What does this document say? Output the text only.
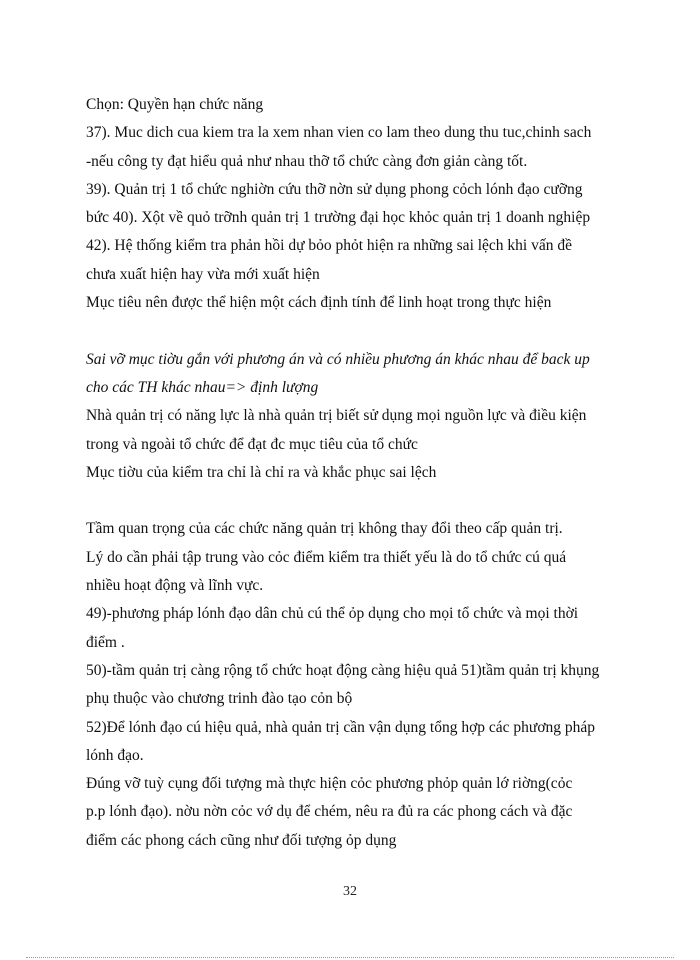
Chọn: Quyền hạn chức năng
37). Muc dich cua kiem tra la xem nhan vien co lam theo dung thu tuc,chinh sach
-nếu công ty đạt hiểu quả như nhau thỡ tổ chức càng đơn giản càng tốt.
39). Quản trị 1 tổ chức nghiờn cứu thỡ nờn sử dụng phong cỏch lónh đạo cưỡng
bức 40). Xột về quỏ trỡnh quản trị 1 trường đại học khỏc quản trị 1 doanh nghiệp
42). Hệ thống kiểm tra phản hồi dự bỏo phỏt hiện ra những sai lệch khi vấn đề
chưa xuất hiện hay vừa mới xuất hiện
Mục tiêu nên được thể hiện một cách định tính để linh hoạt trong thực hiện
Sai vỡ mục tiờu gắn với phương án và có nhiều phương án khác nhau để back up
cho các TH khác nhau=> định lượng
Nhà quản trị có năng lực là nhà quản trị biết sử dụng mọi nguồn lực và điều kiện
trong và ngoài tổ chức để đạt đc mục tiêu của tổ chức
Mục tiờu của kiểm tra chỉ là chỉ ra và khắc phục sai lệch
Tầm quan trọng của các chức năng quản trị không thay đổi theo cấp quản trị.
Lý do cần phải tập trung vào cỏc điểm kiểm tra thiết yếu là do tổ chức cú quá
nhiều hoạt động và lĩnh vực.
49)-phương pháp lónh đạo dân chủ cú thể ỏp dụng cho mọi tổ chức và mọi thời
điểm .
50)-tầm quản trị càng rộng tổ chức hoạt động càng hiệu quả 51)tầm quản trị khụng
phụ thuộc vào chương trinh đào tạo cỏn bộ
52)Để lónh đạo cú hiệu quả, nhà quản trị cần vận dụng tổng hợp các phương pháp
lónh đạo.
Đúng vỡ tuỳ cụng đối tượng mà thực hiện cỏc phương phỏp quản lớ riờng(cỏc
p.p lónh đạo). nờu nờn cỏc vớ dụ để chém, nêu ra đủ ra các phong cách và đặc
điểm các phong cách cũng như đối tượng ỏp dụng
32
